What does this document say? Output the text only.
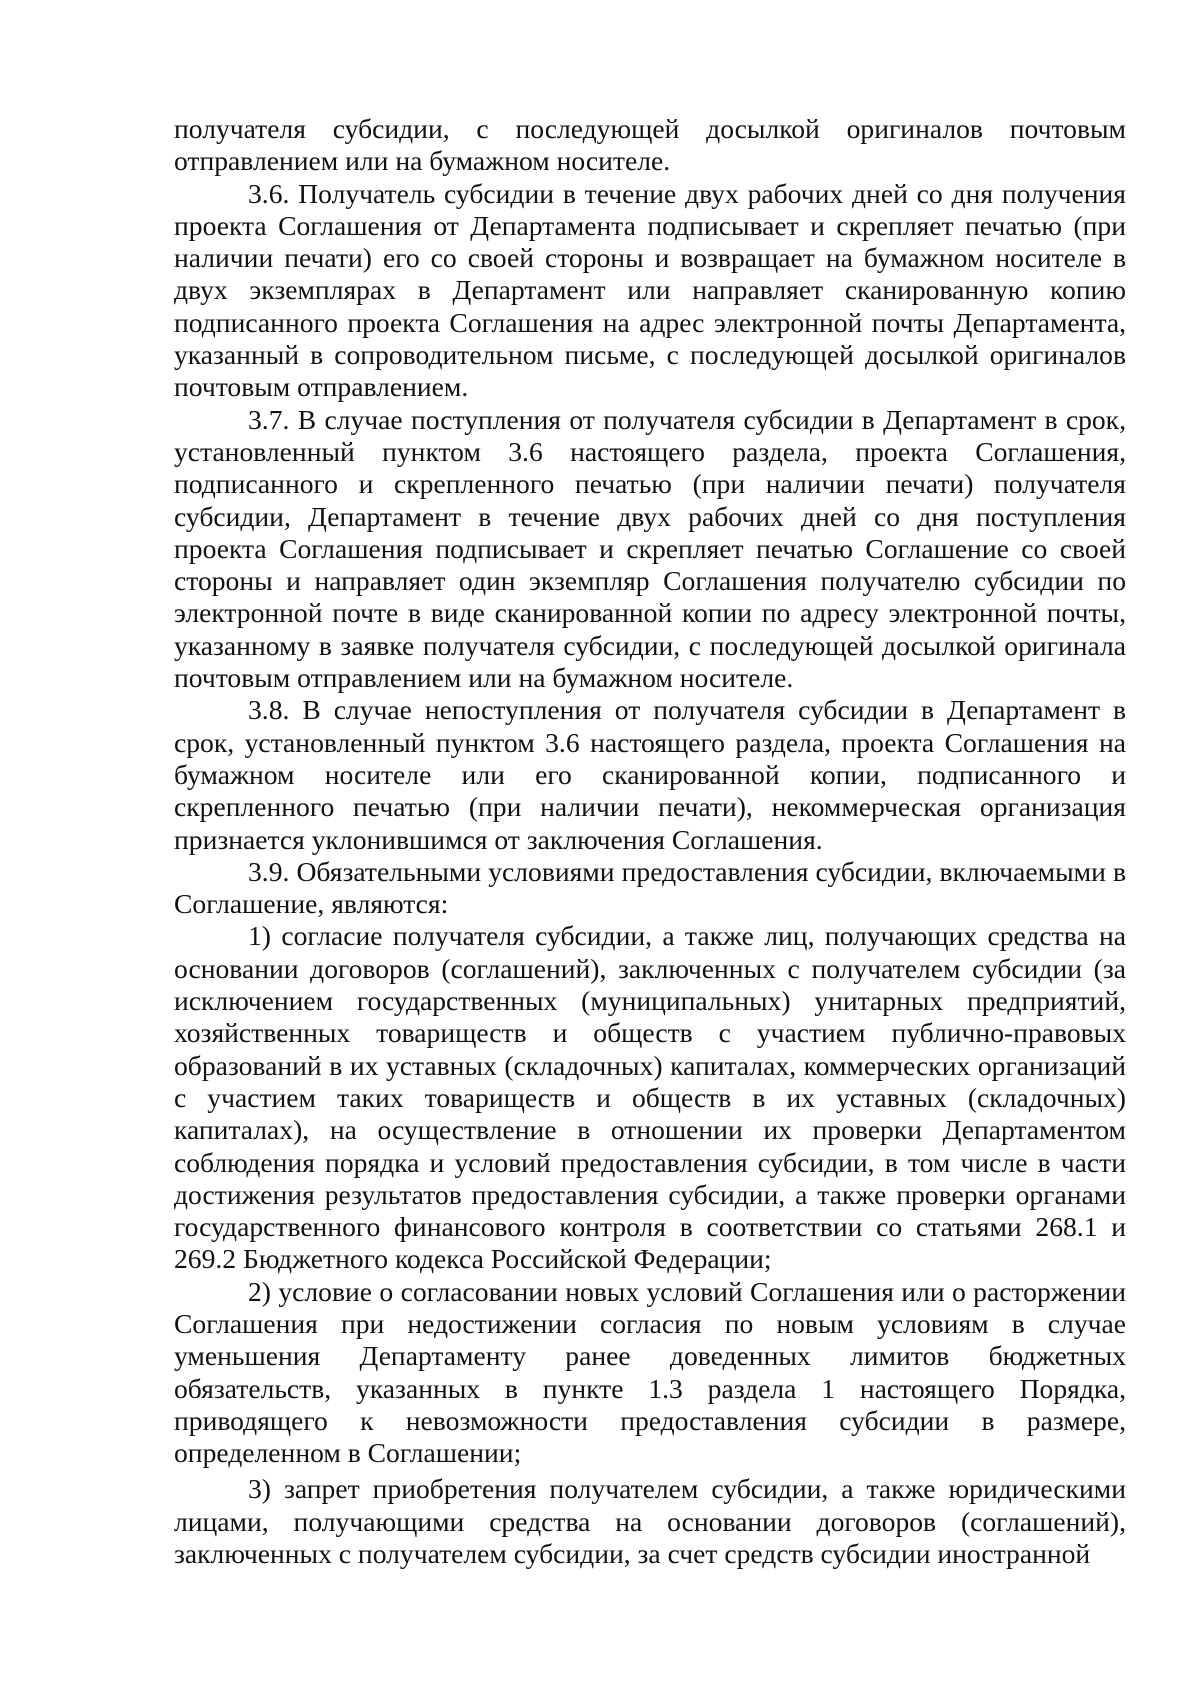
получателя субсидии, с последующей досылкой оригиналов почтовым отправлением или на бумажном носителе.

3.6. Получатель субсидии в течение двух рабочих дней со дня получения проекта Соглашения от Департамента подписывает и скрепляет печатью (при наличии печати) его со своей стороны и возвращает на бумажном носителе в двух экземплярах в Департамент или направляет сканированную копию подписанного проекта Соглашения на адрес электронной почты Департамента, указанный в сопроводительном письме, с последующей досылкой оригиналов почтовым отправлением.

3.7. В случае поступления от получателя субсидии в Департамент в срок, установленный пунктом 3.6 настоящего раздела, проекта Соглашения, подписанного и скрепленного печатью (при наличии печати) получателя субсидии, Департамент в течение двух рабочих дней со дня поступления проекта Соглашения подписывает и скрепляет печатью Соглашение со своей стороны и направляет один экземпляр Соглашения получателю субсидии по электронной почте в виде сканированной копии по адресу электронной почты, указанному в заявке получателя субсидии, с последующей досылкой оригинала почтовым отправлением или на бумажном носителе.

3.8. В случае непоступления от получателя субсидии в Департамент в срок, установленный пунктом 3.6 настоящего раздела, проекта Соглашения на бумажном носителе или его сканированной копии, подписанного и скрепленного печатью (при наличии печати), некоммерческая организация признается уклонившимся от заключения Соглашения.

3.9. Обязательными условиями предоставления субсидии, включаемыми в Соглашение, являются:

1) согласие получателя субсидии, а также лиц, получающих средства на основании договоров (соглашений), заключенных с получателем субсидии (за исключением государственных (муниципальных) унитарных предприятий, хозяйственных товариществ и обществ с участием публично-правовых образований в их уставных (складочных) капиталах, коммерческих организаций с участием таких товариществ и обществ в их уставных (складочных) капиталах), на осуществление в отношении их проверки Департаментом соблюдения порядка и условий предоставления субсидии, в том числе в части достижения результатов предоставления субсидии, а также проверки органами государственного финансового контроля в соответствии со статьями 268.1 и 269.2 Бюджетного кодекса Российской Федерации;

2) условие о согласовании новых условий Соглашения или о расторжении Соглашения при недостижении согласия по новым условиям в случае уменьшения Департаменту ранее доведенных лимитов бюджетных обязательств, указанных в пункте 1.3 раздела 1 настоящего Порядка, приводящего к невозможности предоставления субсидии в размере, определенном в Соглашении;

3) запрет приобретения получателем субсидии, а также юридическими лицами, получающими средства на основании договоров (соглашений), заключенных с получателем субсидии, за счет средств субсидии иностранной
